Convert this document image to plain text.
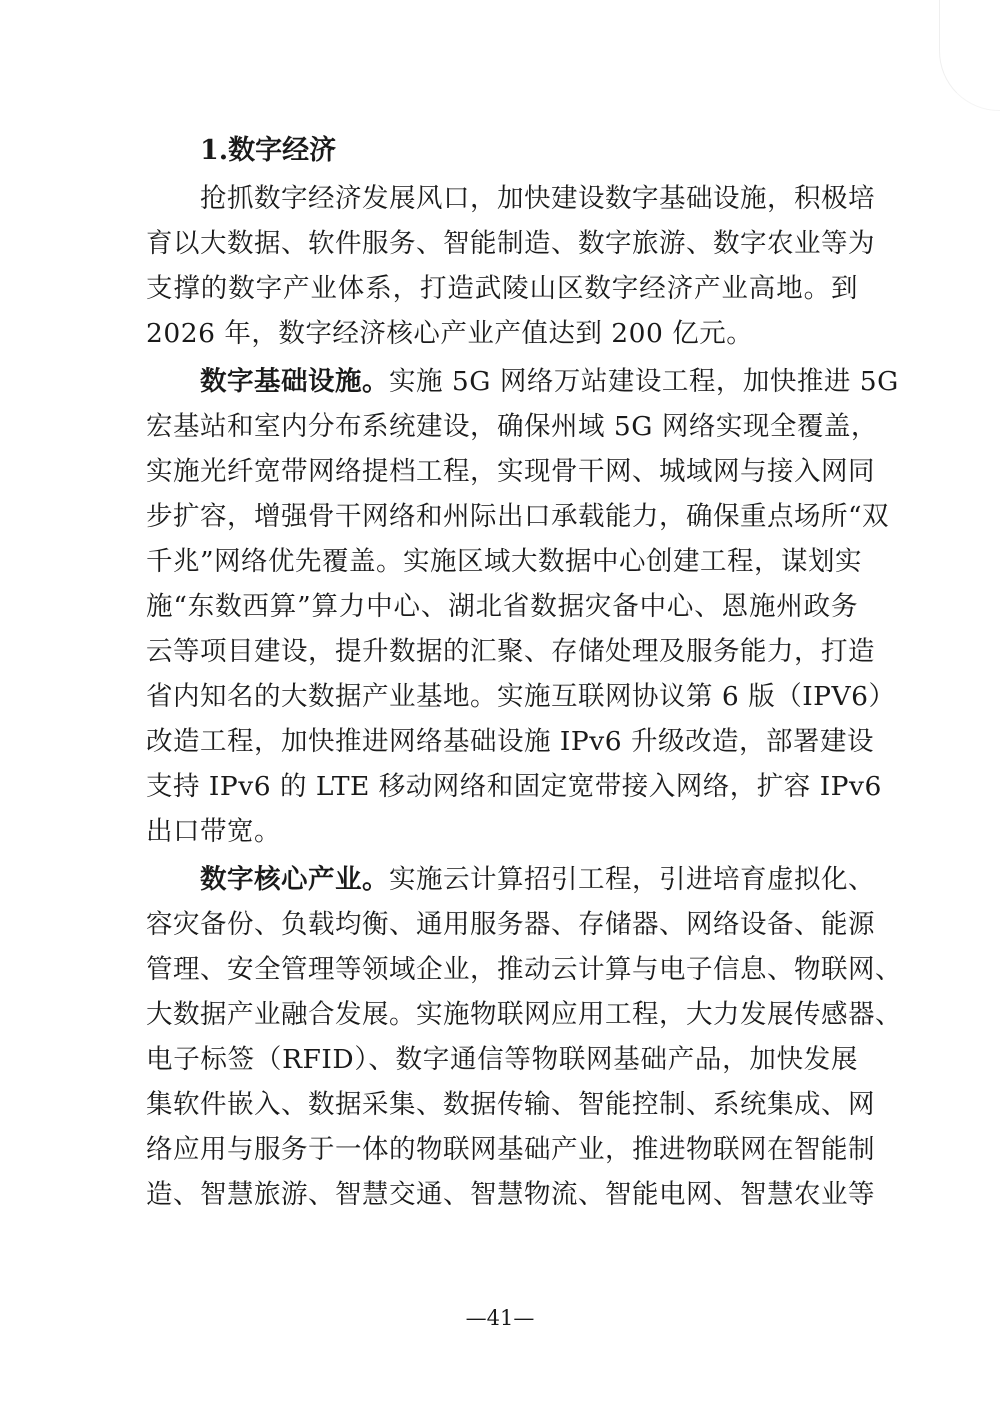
1.数字经济
抢抓数字经济发展风口，加快建设数字基础设施，积极培
育以大数据、软件服务、智能制造、数字旅游、数字农业等为
支撑的数字产业体系，打造武陵山区数字经济产业高地。到
2026 年，数字经济核心产业产值达到 200 亿元。
数字基础设施。实施 5G 网络万站建设工程，加快推进 5G
宏基站和室内分布系统建设，确保州域 5G 网络实现全覆盖，
实施光纤宽带网络提档工程，实现骨干网、城域网与接入网同
步扩容，增强骨干网络和州际出口承载能力，确保重点场所“双
千兆”网络优先覆盖。实施区域大数据中心创建工程，谋划实
施“东数西算”算力中心、湖北省数据灾备中心、恩施州政务
云等项目建设，提升数据的汇聚、存储处理及服务能力，打造
省内知名的大数据产业基地。实施互联网协议第 6 版（IPV6）
改造工程，加快推进网络基础设施 IPv6 升级改造，部署建设
支持 IPv6 的 LTE 移动网络和固定宽带接入网络，扩容 IPv6
出口带宽。
数字核心产业。实施云计算招引工程，引进培育虚拟化、
容灾备份、负载均衡、通用服务器、存储器、网络设备、能源
管理、安全管理等领域企业，推动云计算与电子信息、物联网、
大数据产业融合发展。实施物联网应用工程，大力发展传感器、
电子标签（RFID）、数字通信等物联网基础产品，加快发展
集软件嵌入、数据采集、数据传输、智能控制、系统集成、网
络应用与服务于一体的物联网基础产业，推进物联网在智能制
造、智慧旅游、智慧交通、智慧物流、智能电网、智慧农业等
—41—
